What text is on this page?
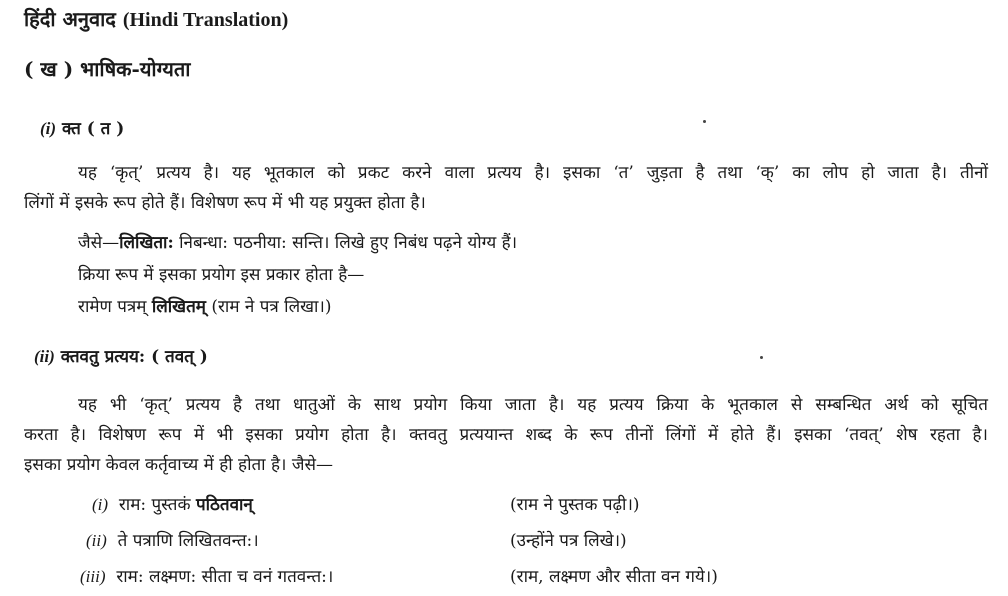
हिंदी अनुवाद (Hindi Translation)
( ख ) भाषिक-योग्यता
(i) क्त ( त )
यह ‘कृत्’ प्रत्यय है। यह भूतकाल को प्रकट करने वाला प्रत्यय है। इसका ‘त’ जुड़ता है तथा ‘क्’ का लोप हो जाता है। तीनों
लिंगों में इसके रूप होते हैं। विशेषण रूप में भी यह प्रयुक्त होता है।
जैसे—लिखिता: निबन्धा: पठनीया: सन्ति। लिखे हुए निबंध पढ़ने योग्य हैं।
क्रिया रूप में इसका प्रयोग इस प्रकार होता है—
रामेण पत्रम् लिखितम् (राम ने पत्र लिखा।)
(ii) क्तवतु प्रत्यय: ( तवत् )
यह भी ‘कृत्’ प्रत्यय है तथा धातुओं के साथ प्रयोग किया जाता है। यह प्रत्यय क्रिया के भूतकाल से सम्बन्धित अर्थ को सूचित
करता है। विशेषण रूप में भी इसका प्रयोग होता है। क्तवतु प्रत्ययान्त शब्द के रूप तीनों लिंगों में होते हैं। इसका ‘तवत्’ शेष रहता है।
इसका प्रयोग केवल कर्तृवाच्य में ही होता है। जैसे—
(i) राम: पुस्तकं पठितवान्	(राम ने पुस्तक पढ़ी।)
(ii) ते पत्राणि लिखितवन्त:।	(उन्होंने पत्र लिखे।)
(iii) राम: लक्ष्मण: सीता च वनं गतवन्त:।	(राम, लक्ष्मण और सीता वन गये।)
